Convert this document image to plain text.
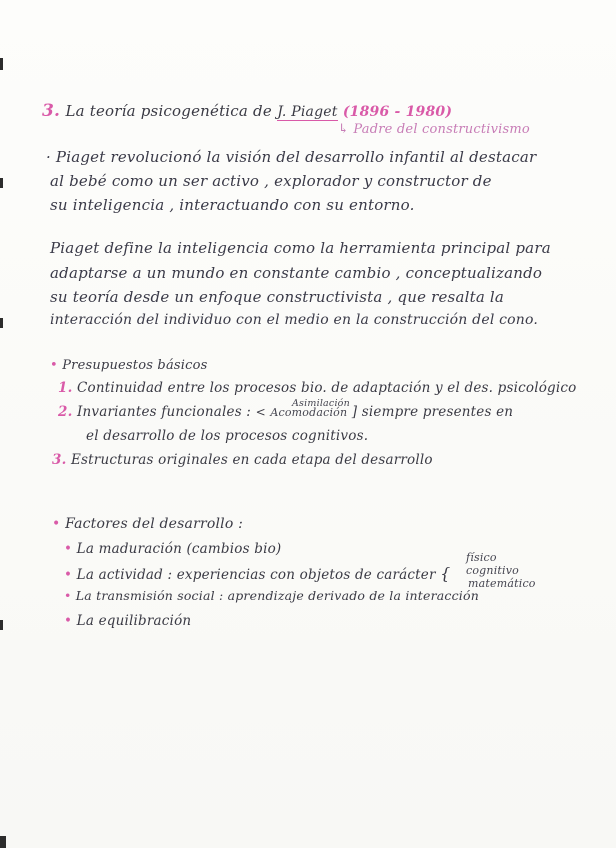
3. La teoría psicogenética de J. Piaget (1896 - 1980)
↳ Padre del constructivismo
· Piaget revolucionó la visión del desarrollo infantil al destacar
al bebé como un ser activo , explorador y constructor de
su inteligencia , interactuando con su entorno.
Piaget define la inteligencia como la herramienta principal para
adaptarse a un mundo en constante cambio , conceptualizando
su teoría desde un enfoque constructivista , que resalta la
interacción del individuo con el medio en la construcción del cono.
• Presupuestos básicos
1. Continuidad entre los procesos bio. de adaptación y el des. psicológico
Asimilación
2. Invariantes funcionales : < Acomodación ] siempre presentes en
el desarrollo de los procesos cognitivos.
3. Estructuras originales en cada etapa del desarrollo
• Factores del desarrollo :
• La maduración (cambios bio)
físico
• La actividad : experiencias con objetos de carácter { cognitivo
matemático
• La transmisión social : aprendizaje derivado de la interacción
• La equilibración
